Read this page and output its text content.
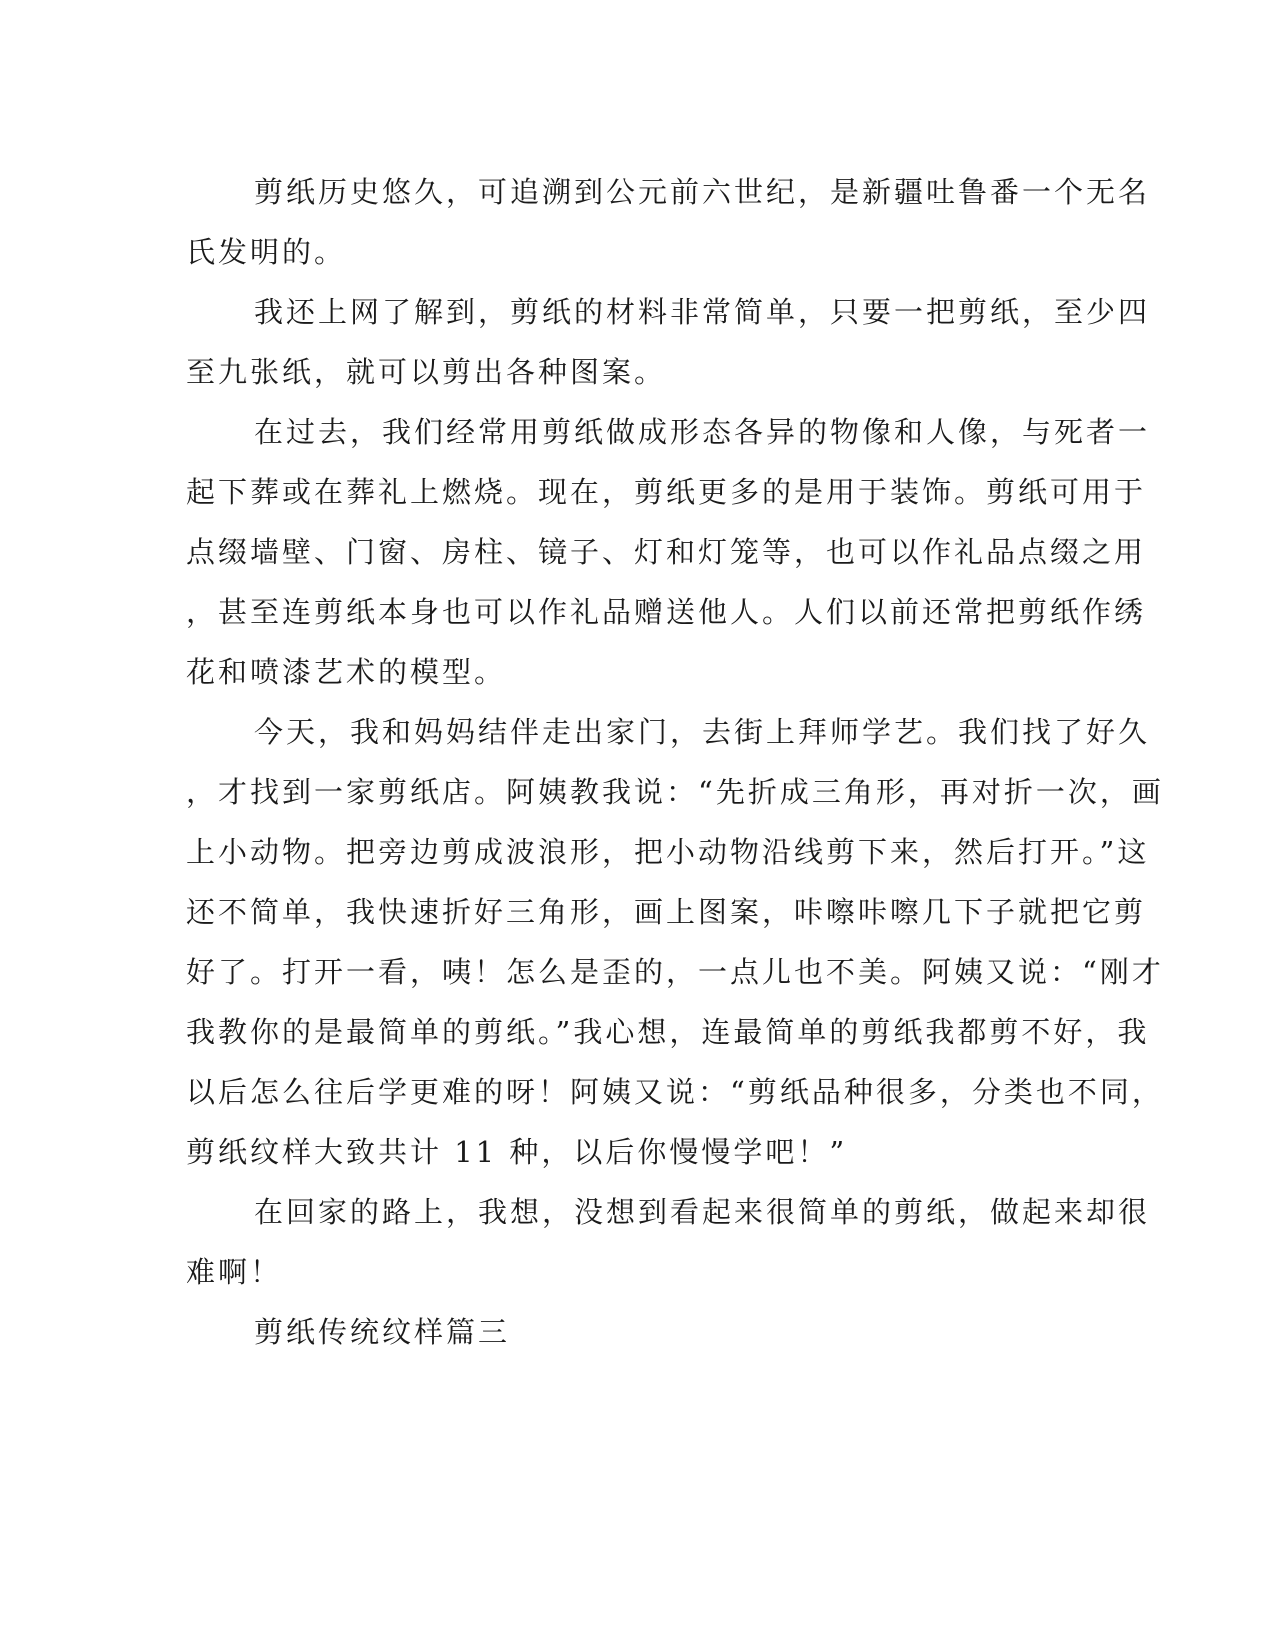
剪纸历史悠久，可追溯到公元前六世纪，是新疆吐鲁番一个无名
氏发明的。
我还上网了解到，剪纸的材料非常简单，只要一把剪纸，至少四
至九张纸，就可以剪出各种图案。
在过去，我们经常用剪纸做成形态各异的物像和人像，与死者一
起下葬或在葬礼上燃烧。现在，剪纸更多的是用于装饰。剪纸可用于
点缀墙壁、门窗、房柱、镜子、灯和灯笼等，也可以作礼品点缀之用
，甚至连剪纸本身也可以作礼品赠送他人。人们以前还常把剪纸作绣
花和喷漆艺术的模型。
今天，我和妈妈结伴走出家门，去街上拜师学艺。我们找了好久
，才找到一家剪纸店。阿姨教我说：“先折成三角形，再对折一次，画
上小动物。把旁边剪成波浪形，把小动物沿线剪下来，然后打开。”这
还不简单，我快速折好三角形，画上图案，咔嚓咔嚓几下子就把它剪
好了。打开一看，咦！怎么是歪的，一点儿也不美。阿姨又说：“刚才
我教你的是最简单的剪纸。”我心想，连最简单的剪纸我都剪不好，我
以后怎么往后学更难的呀！阿姨又说：“剪纸品种很多，分类也不同，
剪纸纹样大致共计 11 种，以后你慢慢学吧！”
在回家的路上，我想，没想到看起来很简单的剪纸，做起来却很
难啊！
剪纸传统纹样篇三
